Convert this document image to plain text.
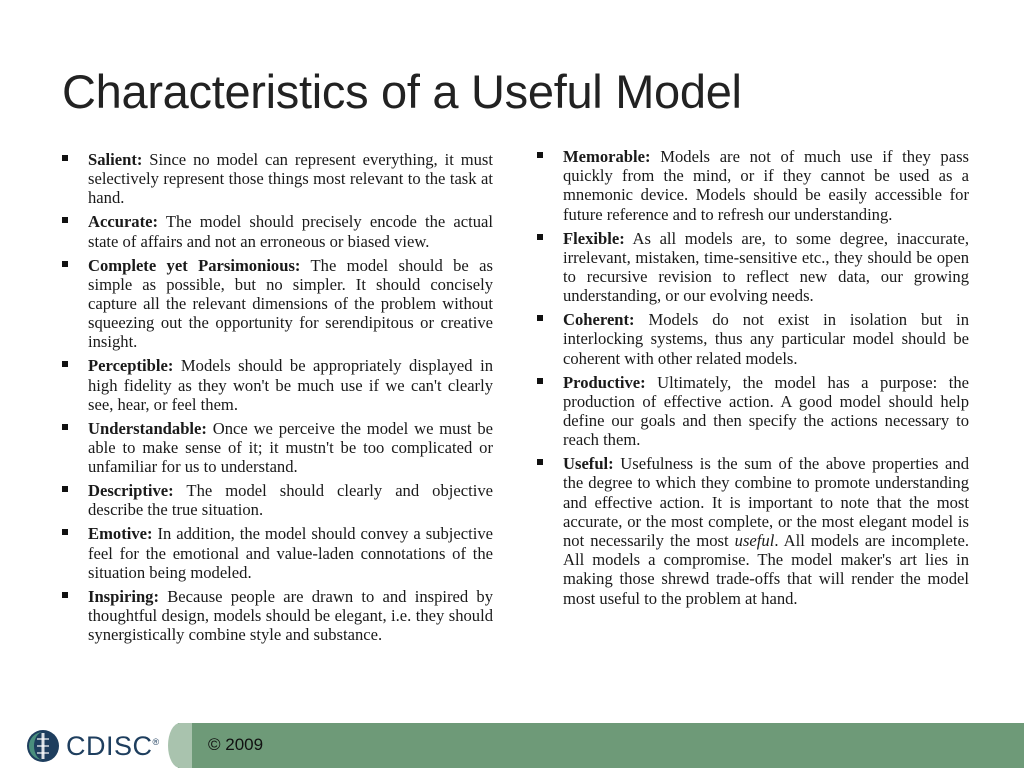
Characteristics of a Useful Model
Salient: Since no model can represent everything, it must selectively represent those things most relevant to the task at hand.
Accurate: The model should precisely encode the actual state of affairs and not an erroneous or biased view.
Complete yet Parsimonious: The model should be as simple as possible, but no simpler. It should concisely capture all the relevant dimensions of the problem without squeezing out the opportunity for serendipitous or creative insight.
Perceptible: Models should be appropriately displayed in high fidelity as they won't be much use if we can't clearly see, hear, or feel them.
Understandable: Once we perceive the model we must be able to make sense of it; it mustn't be too complicated or unfamiliar for us to understand.
Descriptive: The model should clearly and objective describe the true situation.
Emotive: In addition, the model should convey a subjective feel for the emotional and value-laden connotations of the situation being modeled.
Inspiring: Because people are drawn to and inspired by thoughtful design, models should be elegant, i.e. they should synergistically combine style and substance.
Memorable: Models are not of much use if they pass quickly from the mind, or if they cannot be used as a mnemonic device. Models should be easily accessible for future reference and to refresh our understanding.
Flexible: As all models are, to some degree, inaccurate, irrelevant, mistaken, time-sensitive etc., they should be open to recursive revision to reflect new data, our growing understanding, or our evolving needs.
Coherent: Models do not exist in isolation but in interlocking systems, thus any particular model should be coherent with other related models.
Productive: Ultimately, the model has a purpose: the production of effective action. A good model should help define our goals and then specify the actions necessary to reach them.
Useful: Usefulness is the sum of the above properties and the degree to which they combine to promote understanding and effective action. It is important to note that the most accurate, or the most complete, or the most elegant model is not necessarily the most useful. All models are incomplete. All models a compromise. The model maker's art lies in making those shrewd trade-offs that will render the model most useful to the problem at hand.
CDISC®	© 2009
